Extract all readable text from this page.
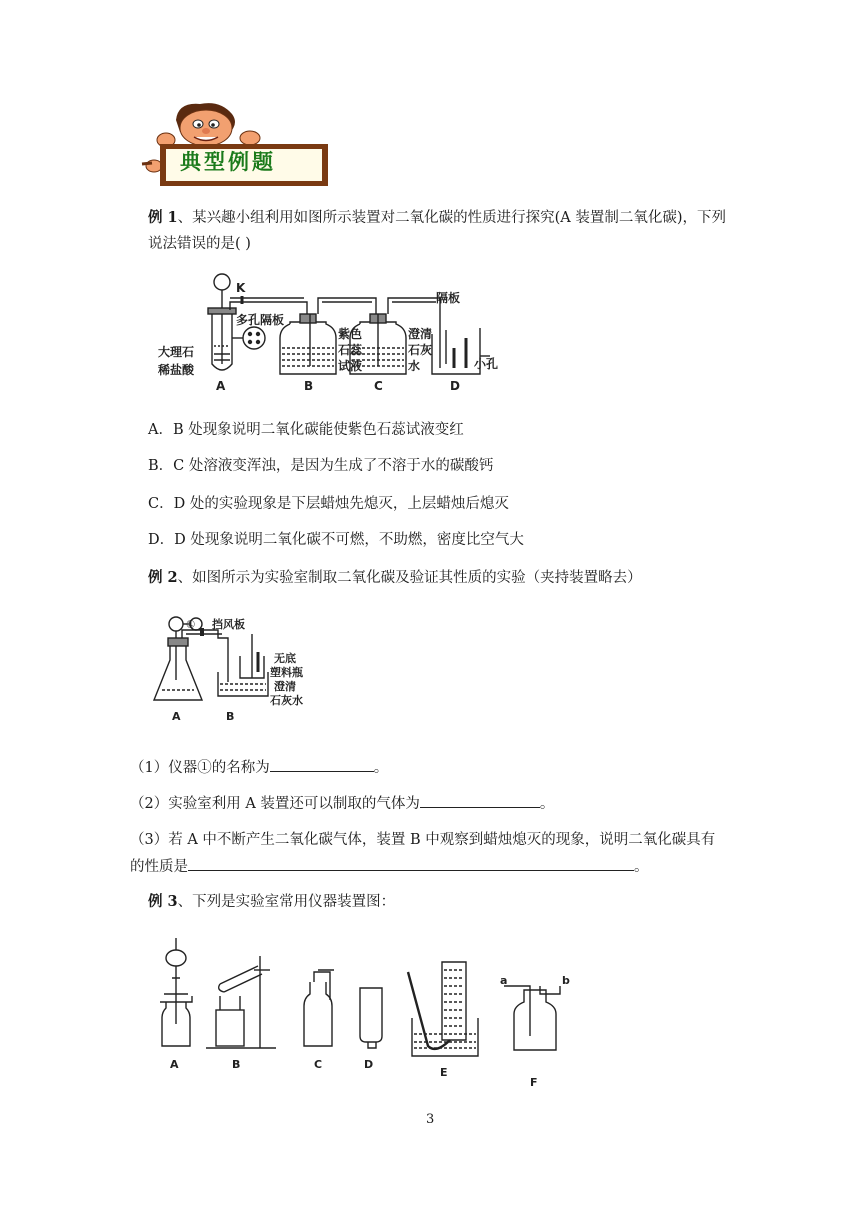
典型例题
例 1、某兴趣小组利用如图所示装置对二氧化碳的性质进行探究(A 装置制二氧化碳)，下列
说法错误的是( )
K
多孔隔板
大理石
稀盐酸
紫色
石蕊
试液
澄清
石灰
水
隔板
小孔
A	B	C	D
A．B 处现象说明二氧化碳能使紫色石蕊试液变红
B．C 处溶液变浑浊，是因为生成了不溶于水的碳酸钙
C．D 处的实验现象是下层蜡烛先熄灭，上层蜡烛后熄灭
D．D 处现象说明二氧化碳不可燃，不助燃，密度比空气大
例 2、如图所示为实验室制取二氧化碳及验证其性质的实验（夹持装置略去）
① 挡风板
无底
塑料瓶
澄清
石灰水
A	B
（1）仪器①的名称为	。
（2）实验室利用 A 装置还可以制取的气体为	。
（3）若 A 中不断产生二氧化碳气体，装置 B 中观察到蜡烛熄灭的现象，说明二氧化碳具有
的性质是	。
例 3、下列是实验室常用仪器装置图：
A	B	C	D
E
F
a	b
3
